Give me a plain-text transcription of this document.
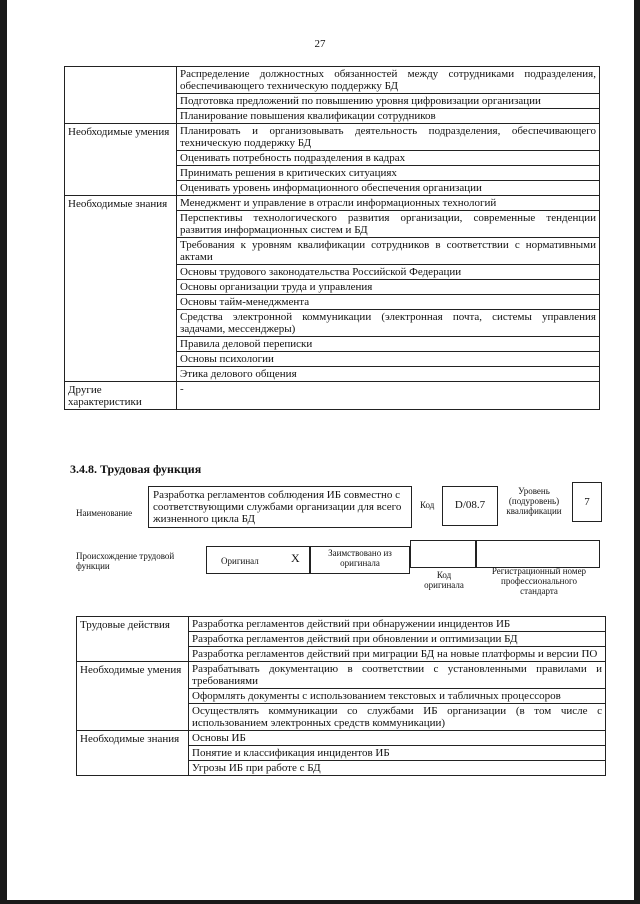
27
	Распределение должностных обязанностей между сотрудниками подразделения, обеспечивающего техническую поддержку БД
	Подготовка предложений по повышению уровня цифровизации организации
	Планирование повышения квалификации сотрудников
Необходимые умения	Планировать и организовывать деятельность подразделения, обеспечивающего техническую поддержку БД
	Оценивать потребность подразделения в кадрах
	Принимать решения в критических ситуациях
	Оценивать уровень информационного обеспечения организации
Необходимые знания	Менеджмент и управление в отрасли информационных технологий
	Перспективы технологического развития организации, современные тенденции развития информационных систем и БД
	Требования к уровням квалификации сотрудников в соответствии с нормативными актами
	Основы трудового законодательства Российской Федерации
	Основы организации труда и управления
	Основы тайм-менеджмента
	Средства электронной коммуникации (электронная почта, системы управления задачами, мессенджеры)
	Правила деловой переписки
	Основы психологии
	Этика делового общения
Другие характеристики	-
3.4.8. Трудовая функция
Наименование
Разработка регламентов соблюдения ИБ совместно с соответствующими службами организации для всего жизненного цикла БД
Код	D/08.7
Уровень (подуровень) квалификации
7
Происхождение трудовой функции	Оригинал	X	Заимствовано из оригинала
Код оригинала
Регистрационный номер профессионального стандарта
Трудовые действия	Разработка регламентов действий при обнаружении инцидентов ИБ
	Разработка регламентов действий при обновлении и оптимизации БД
	Разработка регламентов действий при миграции БД на новые платформы и версии ПО
Необходимые умения	Разрабатывать документацию в соответствии с установленными правилами и требованиями
	Оформлять документы с использованием текстовых и табличных процессоров
	Осуществлять коммуникации со службами ИБ организации (в том числе с использованием электронных средств коммуникации)
Необходимые знания	Основы ИБ
	Понятие и классификация инцидентов ИБ
	Угрозы ИБ при работе с БД
